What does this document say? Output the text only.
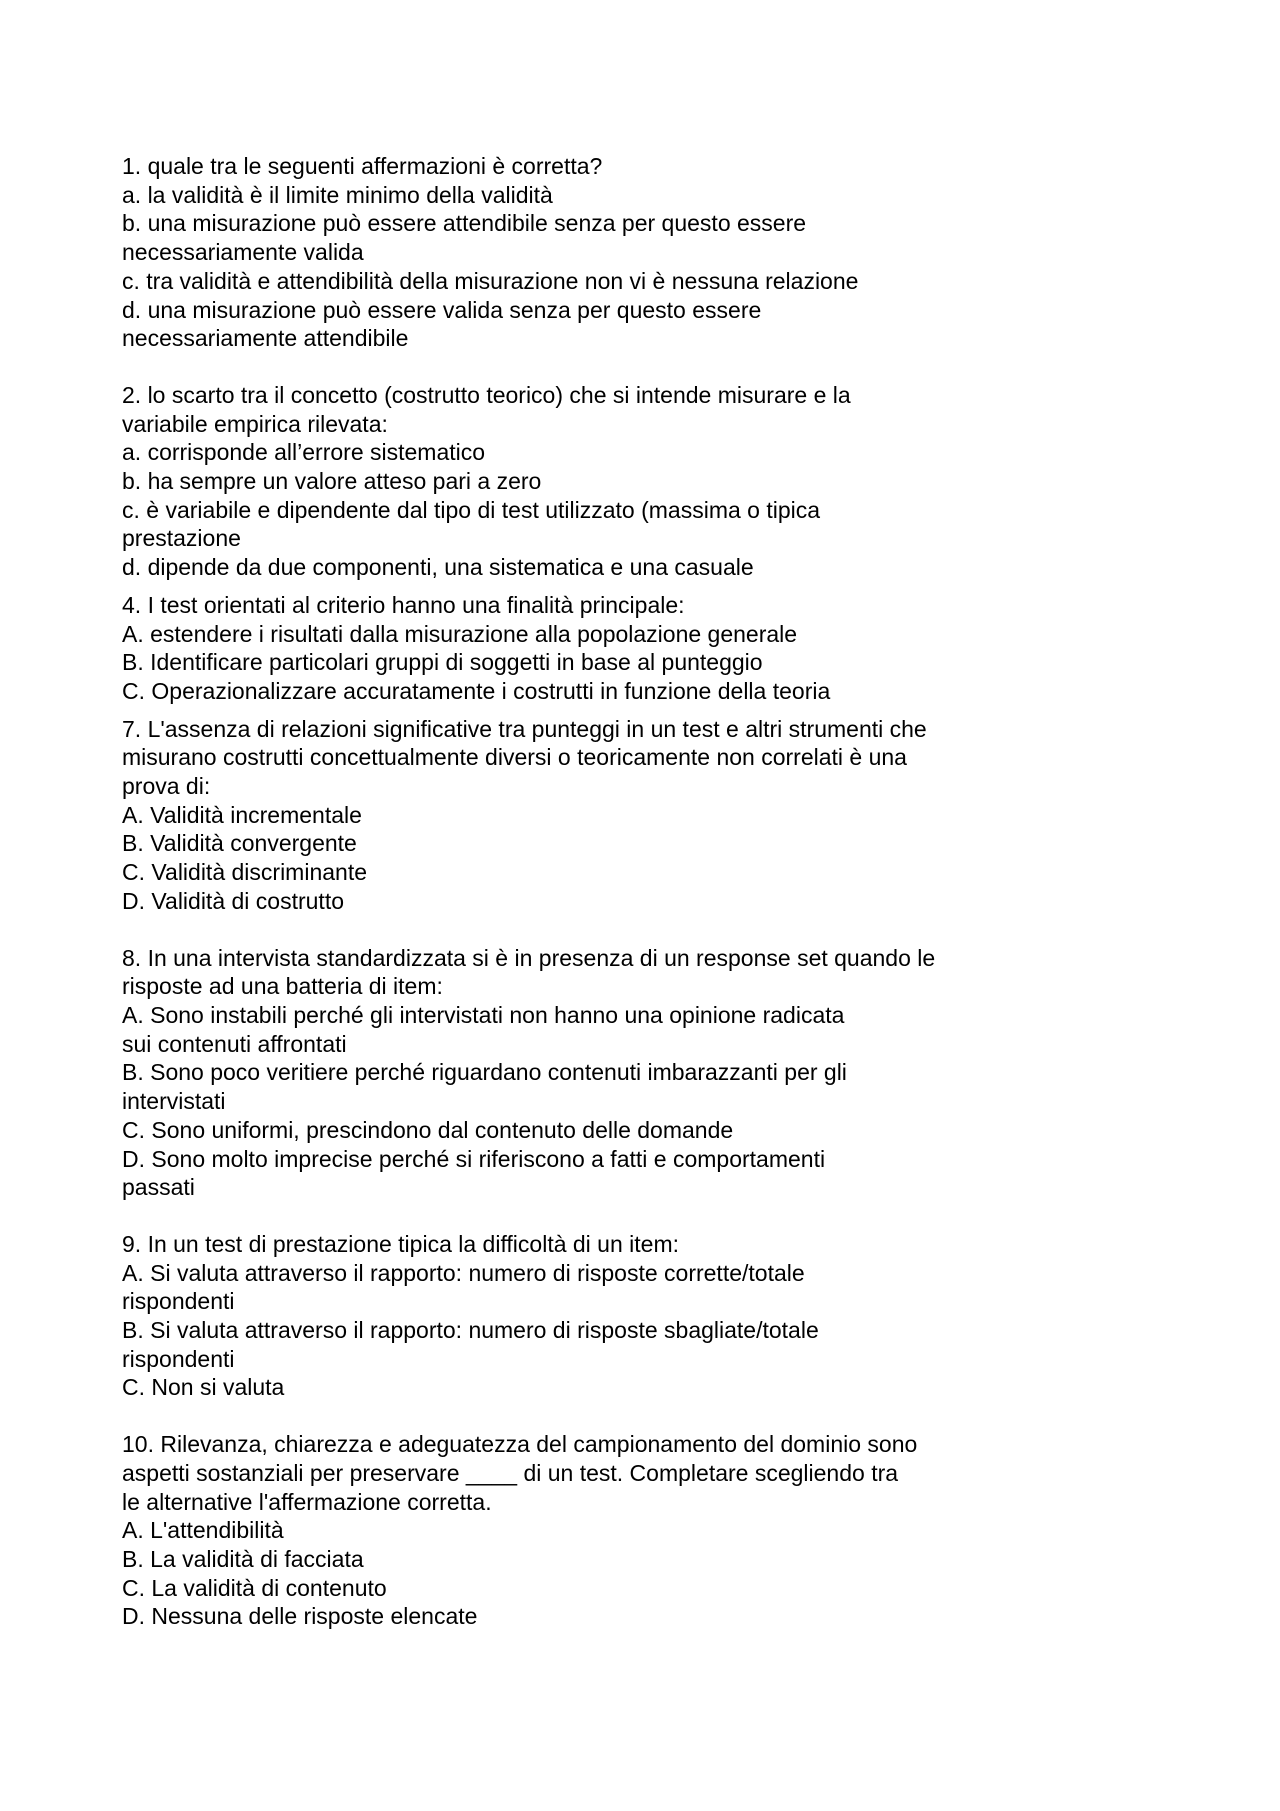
1. quale tra le seguenti affermazioni è corretta?

a. la validità è il limite minimo della validità

b. una misurazione può essere attendibile senza per questo essere

necessariamente valida

c. tra validità e attendibilità della misurazione non vi è nessuna relazione

d. una misurazione può essere valida senza per questo essere

necessariamente attendibile

2. lo scarto tra il concetto (costrutto teorico) che si intende misurare e la

variabile empirica rilevata:

a. corrisponde all’errore sistematico

b. ha sempre un valore atteso pari a zero

c. è variabile e dipendente dal tipo di test utilizzato (massima o tipica

prestazione

d. dipende da due componenti, una sistematica e una casuale

4. I test orientati al criterio hanno una finalità principale:

A. estendere i risultati dalla misurazione alla popolazione generale

B. Identificare particolari gruppi di soggetti in base al punteggio

C. Operazionalizzare accuratamente i costrutti in funzione della teoria

7. L'assenza di relazioni significative tra punteggi in un test e altri strumenti che

misurano costrutti concettualmente diversi o teoricamente non correlati è una

prova di:

A. Validità incrementale

B. Validità convergente

C. Validità discriminante

D. Validità di costrutto

8. In una intervista standardizzata si è in presenza di un response set quando le

risposte ad una batteria di item:

A. Sono instabili perché gli intervistati non hanno una opinione radicata

sui contenuti affrontati

B. Sono poco veritiere perché riguardano contenuti imbarazzanti per gli

intervistati

C. Sono uniformi, prescindono dal contenuto delle domande

D. Sono molto imprecise perché si riferiscono a fatti e comportamenti

passati

9. In un test di prestazione tipica la difficoltà di un item:

A. Si valuta attraverso il rapporto: numero di risposte corrette/totale

rispondenti

B. Si valuta attraverso il rapporto: numero di risposte sbagliate/totale

rispondenti

C. Non si valuta

10. Rilevanza, chiarezza e adeguatezza del campionamento del dominio sono

aspetti sostanziali per preservare ____ di un test. Completare scegliendo tra

le alternative l'affermazione corretta.

A. L'attendibilità

B. La validità di facciata

C. La validità di contenuto

D. Nessuna delle risposte elencate
